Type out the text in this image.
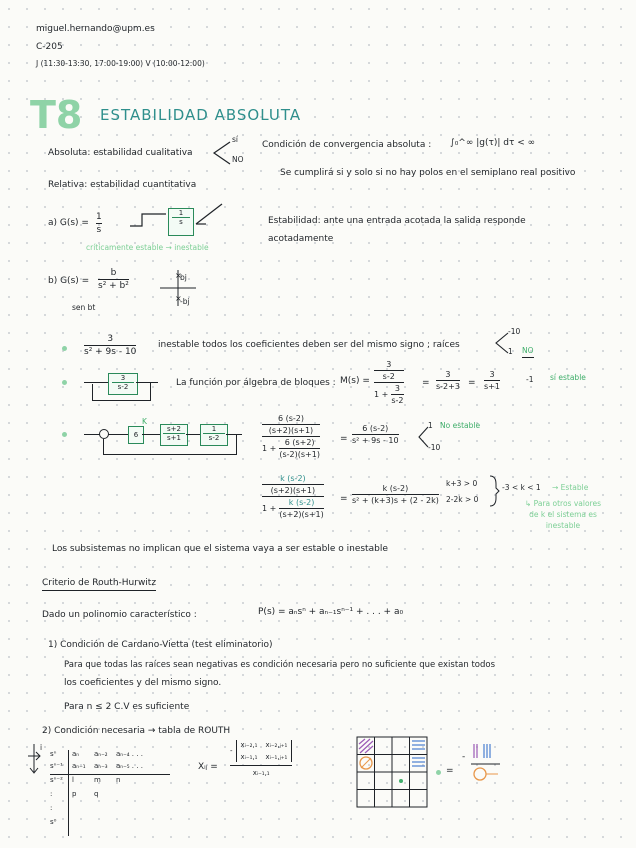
miguel.hernando@upm.es
C-205
J (11:30-13:30, 17:00-19:00) V (10:00-12:00)
T8 ESTABILIDAD ABSOLUTA
Absoluta: estabilidad cualitativa
sí
NO
Relativa: estabilidad cuantitativa
a) G(s) =
1
s
1
s
críticamente estable → inestable
b) G(s) =
b
s² + b²
sen bt
×
×
bj
-bj
Condición de convergencia absoluta : ∫₀^∞ |g(τ)| dτ < ∞
Se cumplirá si y solo si no hay polos en el semiplano real positivo
Estabilidad: ante una entrada acotada la salida responde acotadamente
3
s² + 9s - 10
inestable todos los coeficientes deben ser del mismo signo ; raíces
-10
1 NO
3
s-2	La función por álgebra de bloques : M(s) =
3
s-2
1 +
3
s-2
=
3
s-2+3 =
3
s+1
-1 sí estable
6
K
s+2
s+1
1
s-2
6 (s-2)
(s+2)(s+1)
1 +
6 (s+2)
(s-2)(s+1)
=
6 (s-2)
s² + 9s - 10
1
-10
No estable
k (s-2)
(s+2)(s+1)
1 +
k (s-2)
(s+2)(s+1)
=
k (s-2)
s² + (k+3)s + (2 - 2k)
k+3 > 0
2-2k > 0
-3 < k < 1 → Estable
↳ Para otros valores de k el sistema es inestable
Los subsistemas no implican que el sistema vaya a ser estable o inestable
Criterio de Routh-Hurwitz
Dado un polinomio característico :	P(s) = aₙsⁿ + aₙ₋₁sⁿ⁻¹ + . . . + a₀
1) Condición de Cardano-Vietta (test eliminatorio)
Para que todas las raíces sean negativas es condición necesaria pero no suficiente que existan todos
los coeficientes y del mismo signo.
Para n ≤ 2 C.V es suficiente
2) Condición necesaria → tabla de ROUTH
i
sⁿ	aₙ	aₙ₋₂	aₙ₋₄ . . .
sⁿ⁻¹	aₙ₋₁	aₙ₋₃	aₙ₋₅ . . .
sⁿ⁻²	l	m	n
:	p	q
:
s⁰
Xᵢⱼ =
-
xᵢ₋₂,₁ xᵢ₋₂,ⱼ₊₁
xᵢ₋₁,₁ xᵢ₋₁,ⱼ₊₁
xᵢ₋₁,₁	=
-
